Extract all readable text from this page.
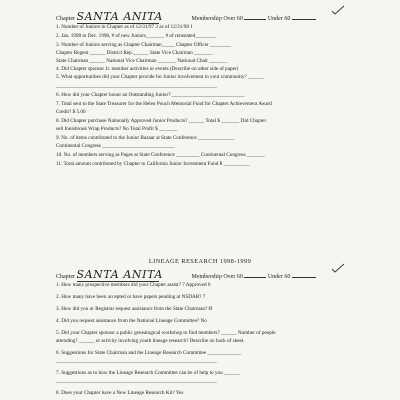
Chapter SANTA ANITA	Membership Over 60	Under 60
1. Number of Juniors in Chapter as of 12/31/97 3 as of 12/31/98 1
2. Jan. 1998 to Dec. 1998, # of new Juniors_______ # of reinstated________
3. Number of Juniors serving as Chapter Chairman_____ Chapter Officer ________
Chapter Regent ______ District Rep.______ State Vice Chairman _______
State Chairman ______ National Vice Chairman _______ National Chair _______
4. Did Chapter sponsor Jr. member activities or events (Describe on other side of paper)
5. What opportunities did your Chapter provide for Junior involvement in your community? ______
______________________________________________________________
6. How did your Chapter honor an Outstanding Junior? ____________________________
7. Total sent to the State Treasurer for the Helen Pouch Memorial Fund for Chapter Achievement Award
Credit? $ 5.00
8. Did Chapter purchase Nationally Approved Junior Products? ______ Total $ _______ Did Chapter
sell Innisbrook Wrap Products? No Total Profit $ _______
9. No. of items contributed to the Junior Bazaar at State Conference ______________
Continental Congress ____________________________
10. No. of members serving as Pages at State Conference _________ Continental Congress _______
11. Total amount contributed by Chapter to California Junior Investment Fund $ __________
LINEAGE RESEARCH 1998-1999
Chapter SANTA ANITA	Membership Over 60	Under 60
1. How many prospective members did your Chapter assist? 7 Approved 6
2. How many have been accepted or have papers pending at NSDAR? 7
3. How did you or Registrar request assistance from the State Chairman? Ø
4. Did you request assistance from the National Lineage Committee? No
5. Did your Chapter sponsor a public genealogical workshop to find members? ______ Number of people
attending? ______ or activity involving youth lineage research? Describe on back of sheet.
6. Suggestions for State Chairman and the Lineage Research Committee _____________
______________________________________________________________
7. Suggestions as to how the Lineage Research Committee can be of help to you ______
______________________________________________________________
8. Does your Chapter have a New Lineage Research Kit? Yes
